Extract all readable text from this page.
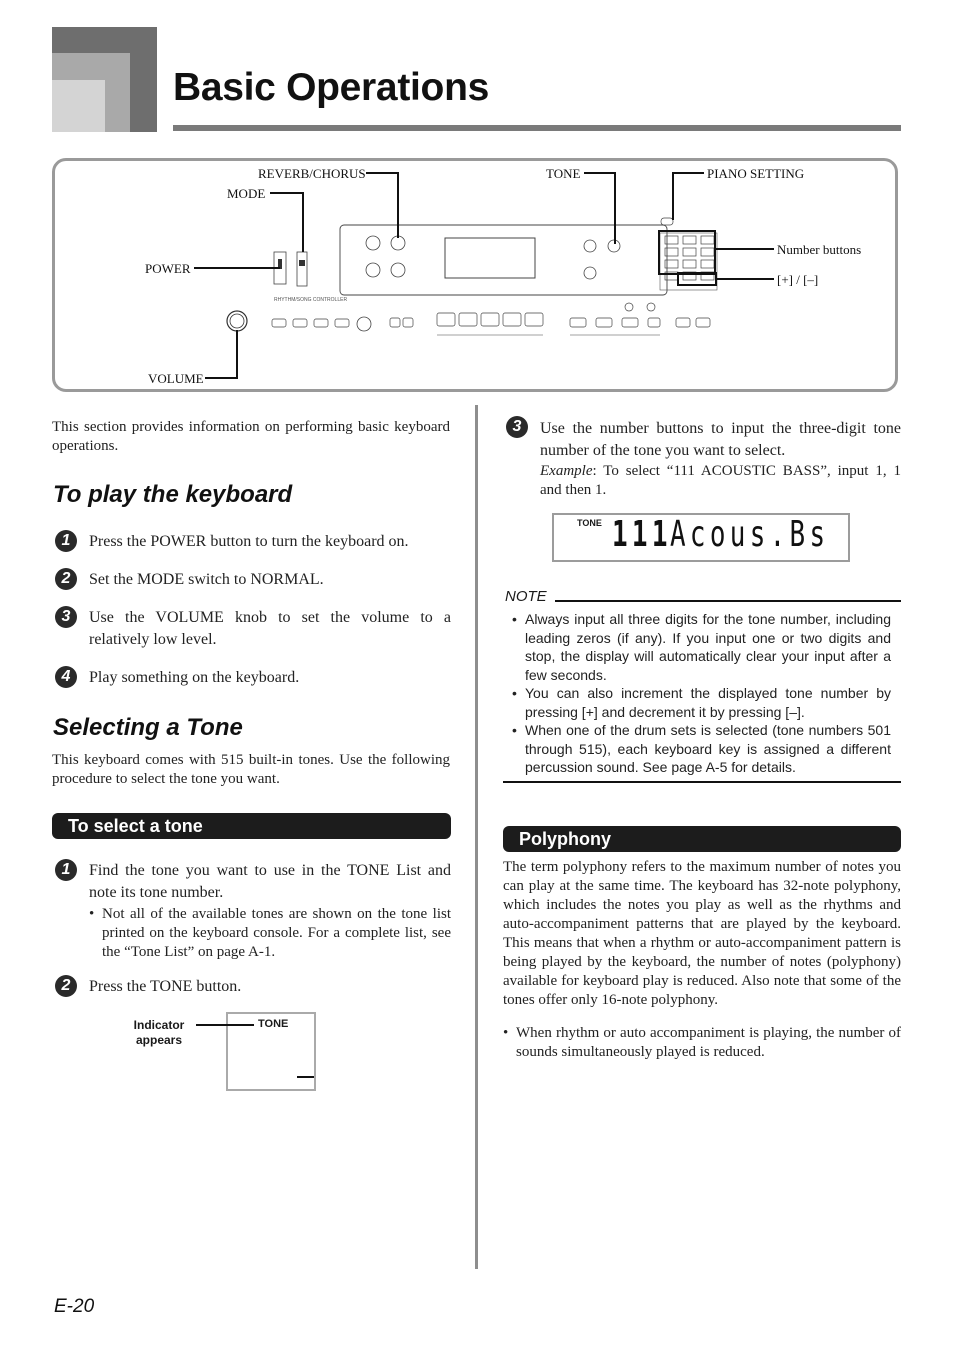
Basic Operations
RHYTHM/SONG CONTROLLER
REVERB/CHORUS
MODE
TONE	PIANO SETTING
Number buttons
[+] / [–]
POWER
VOLUME
This section provides information on performing basic keyboard operations.
To play the keyboard
1	Press the POWER button to turn the keyboard on.
2	Set the MODE switch to NORMAL.
3	Use the VOLUME knob to set the volume to a relatively low level.
4	Play something on the keyboard.
Selecting a Tone
This keyboard comes with 515 built-in tones. Use the following procedure to select the tone you want.
To select a tone
1	Find the tone you want to use in the TONE List and note its tone number.
• Not all of the available tones are shown on the tone list printed on the keyboard console. For a complete list, see the “Tone List” on page A-1.
2	Press the TONE button.
TONE
Indicator appears
3	Use the number buttons to input the three-digit tone number of the tone you want to select.
Example: To select “111 ACOUSTIC BASS”, input 1, 1 and then 1.
TONE 111
Acous.Bs
NOTE
• Always input all three digits for the tone number, including leading zeros (if any). If you input one or two digits and stop, the display will automatically clear your input after a few seconds.
• You can also increment the displayed tone number by pressing [+] and decrement it by pressing [–].
• When one of the drum sets is selected (tone numbers 501 through 515), each keyboard key is assigned a different percussion sound. See page A-5 for details.
Polyphony
The term polyphony refers to the maximum number of notes you can play at the same time. The keyboard has 32-note polyphony, which includes the notes you play as well as the rhythms and auto-accompaniment patterns that are played by the keyboard. This means that when a rhythm or auto-accompaniment pattern is being played by the keyboard, the number of notes (polyphony) available for keyboard play is reduced. Also note that some of the tones offer only 16-note polyphony.
• When rhythm or auto accompaniment is playing, the number of sounds simultaneously played is reduced.
E-20
